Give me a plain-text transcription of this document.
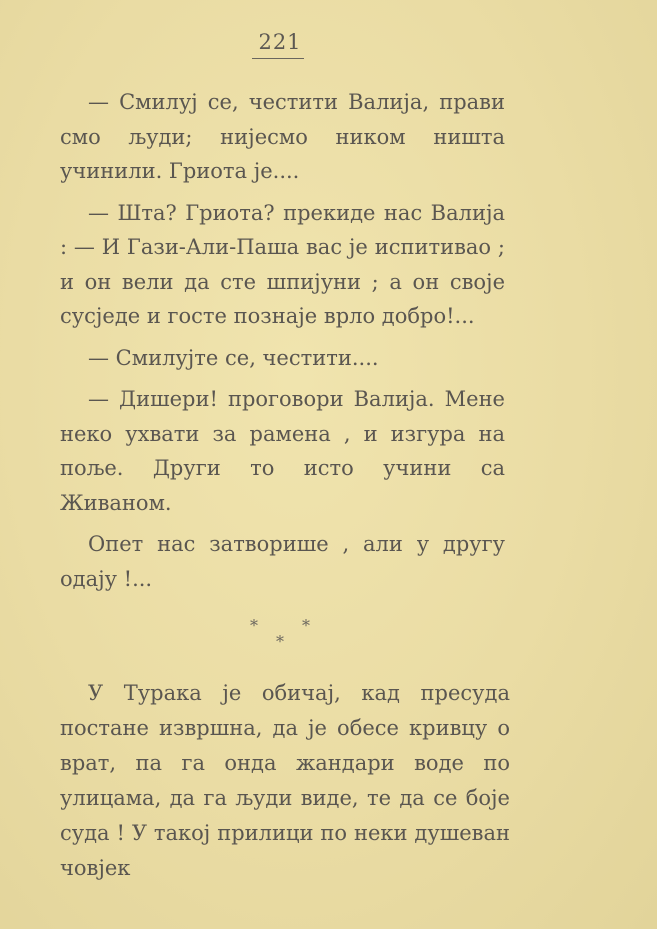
221

— Смилуј се, честити Валија, прави смо људи; нијесмо ником ништа учинили. Гриота је....

— Шта? Гриота? прекиде нас Валија : — И Гази-Али-Паша вас је испитивао ; и он вели да сте шпијуни ; а он своје сусједе и госте познаје врло добро!...

— Смилујте се, честити....

— Дишери! проговори Валија. Мене неко ухвати за рамена , и изгура на поље. Други то исто учини са Живаном.

Опет нас затворише , али у другу одају !...

*	*
*

У Турака је обичај, кад пресуда постане извршна, да је обесе кривцу о врат, па га онда жандари воде по улицама, да га људи виде, те да се боје суда ! У такој прилици по неки душеван човјек
